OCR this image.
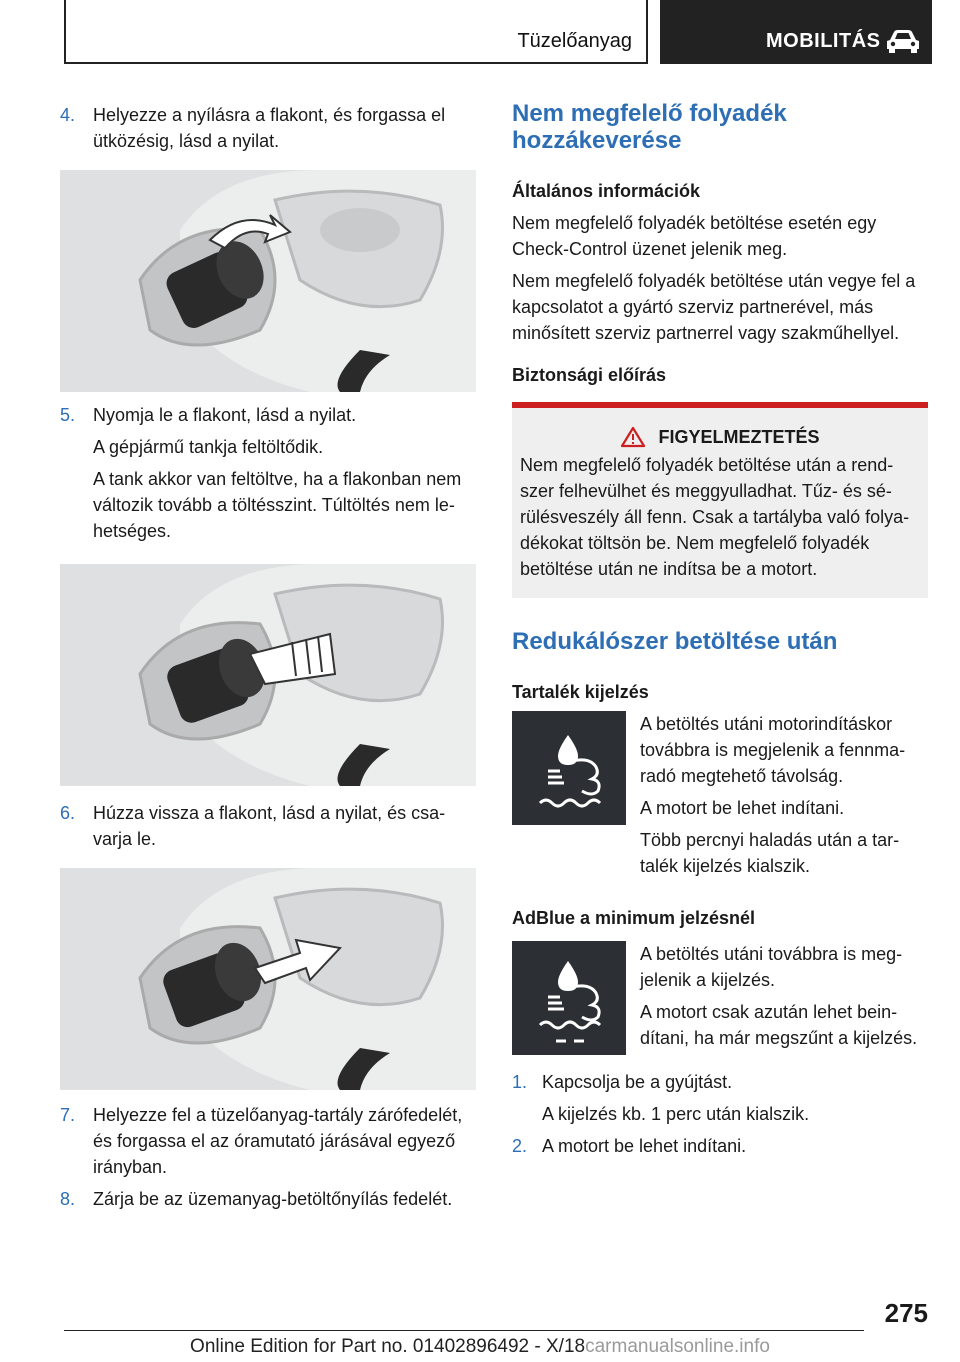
Tüzelőanyag	MOBILITÁS
4. Helyezze a nyílásra a flakont, és forgassa el ütközésig, lásd a nyilat.
5. Nyomja le a flakont, lásd a nyilat.
A gépjármű tankja feltöltődik.
A tank akkor van feltöltve, ha a flakonban nem változik tovább a töltésszint. Túltöltés nem le-hetséges.
6. Húzza vissza a flakont, lásd a nyilat, és csa-varja le.
7. Helyezze fel a tüzelőanyag-tartály zárófedelét, és forgassa el az óramutató járásával egyező irányban.
8. Zárja be az üzemanyag-betöltőnyílás fedelét.
Nem megfelelő folyadék hozzákeverése
Általános információk

Nem megfelelő folyadék betöltése esetén egy Check-Control üzenet jelenik meg.

Nem megfelelő folyadék betöltése után vegye fel a kapcsolatot a gyártó szerviz partnerével, más minősített szerviz partnerrel vagy szakműhellyel.

Biztonsági előírás
FIGYELMEZTETÉS

Nem megfelelő folyadék betöltése után a rend-szer felhevülhet és meggyulladhat. Tűz- és sé-rülésveszély áll fenn. Csak a tartályba való folya-dékokat töltsön be. Nem megfelelő folyadék betöltése után ne indítsa be a motort.

Redukálószer betöltése után
Tartalék kijelzés

A betöltés utáni motorindításkor továbbra is megjelenik a fennma-radó megtehető távolság.

A motort be lehet indítani.

Több percnyi haladás után a tar-talék kijelzés kialszik.

AdBlue a minimum jelzésnél

A betöltés utáni továbbra is meg-jelenik a kijelzés.

A motort csak azután lehet bein-dítani, ha már megszűnt a kijelzés.

1. Kapcsolja be a gyújtást.
A kijelzés kb. 1 perc után kialszik.
2. A motort be lehet indítani.
275
Online Edition for Part no. 01402896492 - X/18carmanualsonline.info
